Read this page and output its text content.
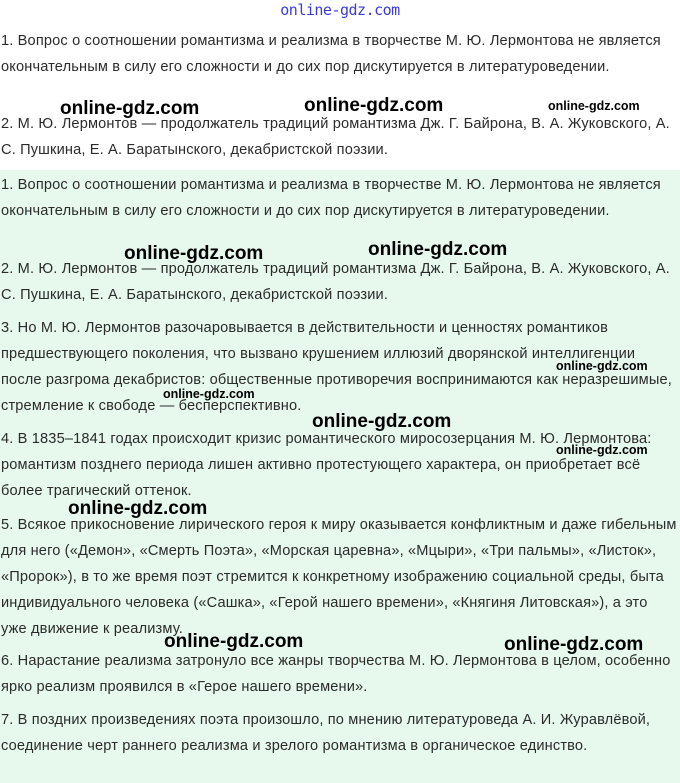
online-gdz.com

1. Вопрос о соотношении романтизма и реализма в творчестве М. Ю. Лермонтова не является окончательным в силу его сложности и до сих пор дискутируется в литературоведении.

2. М. Ю. Лермонтов — продолжатель традиций романтизма Дж. Г. Байрона, В. А. Жуковского, А. С. Пушкина, Е. А. Баратынского, декабристской поэзии.

1. Вопрос о соотношении романтизма и реализма в творчестве М. Ю. Лермонтова не является окончательным в силу его сложности и до сих пор дискутируется в литературоведении.

2. М. Ю. Лермонтов — продолжатель традиций романтизма Дж. Г. Байрона, В. А. Жуковского, А. С. Пушкина, Е. А. Баратынского, декабристской поэзии.

3. Но М. Ю. Лермонтов разочаровывается в действительности и ценностях романтиков предшествующего поколения, что вызвано крушением иллюзий дворянской интеллигенции после разгрома декабристов: общественные противоречия воспринимаются как неразрешимые, стремление к свободе — бесперспективно.

4. В 1835–1841 годах происходит кризис романтического миросозерцания М. Ю. Лермонтова: романтизм позднего периода лишен активно протестующего характера, он приобретает всё более трагический оттенок.

5. Всякое прикосновение лирического героя к миру оказывается конфликтным и даже гибельным для него («Демон», «Смерть Поэта», «Морская царевна», «Мцыри», «Три пальмы», «Листок», «Пророк»), в то же время поэт стремится к конкретному изображению социальной среды, быта индивидуального человека («Сашка», «Герой нашего времени», «Княгиня Литовская»), а это уже движение к реализму.

6. Нарастание реализма затронуло все жанры творчества М. Ю. Лермонтова в целом, особенно ярко реализм проявился в «Герое нашего времени».

7. В поздних произведениях поэта произошло, по мнению литературоведа А. И. Журавлёвой, соединение черт раннего реализма и зрелого романтизма в органическое единство.

online-gdz.com	online-gdz.com	online-gdz.com
online-gdz.com	online-gdz.com
online-gdz.com
online-gdz.com
online-gdz.com
online-gdz.com
online-gdz.com
online-gdz.com	online-gdz.com
